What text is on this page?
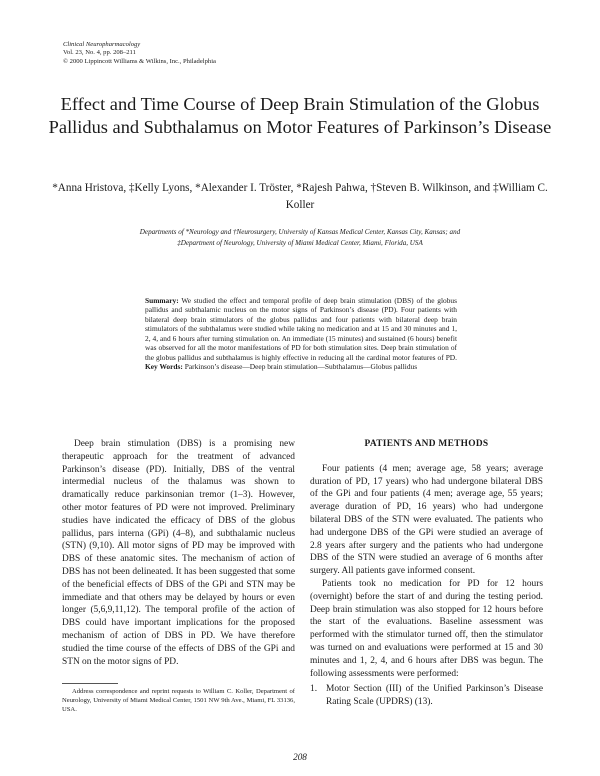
Clinical Neuropharmacology
Vol. 23, No. 4, pp. 208–211
© 2000 Lippincott Williams & Wilkins, Inc., Philadelphia
Effect and Time Course of Deep Brain Stimulation of the Globus Pallidus and Subthalamus on Motor Features of Parkinson’s Disease
*Anna Hristova, ‡Kelly Lyons, *Alexander I. Tröster, *Rajesh Pahwa, †Steven B. Wilkinson, and ‡William C. Koller
Departments of *Neurology and †Neurosurgery, University of Kansas Medical Center, Kansas City, Kansas; and
‡Department of Neurology, University of Miami Medical Center, Miami, Florida, USA
Summary: We studied the effect and temporal profile of deep brain stimulation (DBS) of the globus pallidus and subthalamic nucleus on the motor signs of Parkinson’s disease (PD). Four patients with bilateral deep brain stimulators of the globus pallidus and four patients with bilateral deep brain stimulators of the subthalamus were studied while taking no medication and at 15 and 30 minutes and 1, 2, 4, and 6 hours after turning stimulation on. An immediate (15 minutes) and sustained (6 hours) benefit was observed for all the motor manifestations of PD for both stimulation sites. Deep brain stimulation of the globus pallidus and subthalamus is highly effective in reducing all the cardinal motor features of PD. Key Words: Parkinson’s disease—Deep brain stimulation—Subthalamus—Globus pallidus

Deep brain stimulation (DBS) is a promising new therapeutic approach for the treatment of advanced Parkinson’s disease (PD). Initially, DBS of the ventral intermedial nucleus of the thalamus was shown to dramatically reduce parkinsonian tremor (1–3). However, other motor features of PD were not improved. Preliminary studies have indicated the efficacy of DBS of the globus pallidus, pars interna (GPi) (4–8), and subthalamic nucleus (STN) (9,10). All motor signs of PD may be improved with DBS of these anatomic sites. The mechanism of action of DBS has not been delineated. It has been suggested that some of the beneficial effects of DBS of the GPi and STN may be immediate and that others may be delayed by hours or even longer (5,6,9,11,12). The temporal profile of the action of DBS could have important implications for the proposed mechanism of action of DBS in PD. We have therefore studied the time course of the effects of DBS of the GPi and STN on the motor signs of PD.

Address correspondence and reprint requests to William C. Koller, Department of Neurology, University of Miami Medical Center, 1501 NW 9th Ave., Miami, FL 33136, USA.
PATIENTS AND METHODS

Four patients (4 men; average age, 58 years; average duration of PD, 17 years) who had undergone bilateral DBS of the GPi and four patients (4 men; average age, 55 years; average duration of PD, 16 years) who had undergone bilateral DBS of the STN were evaluated. The patients who had undergone DBS of the GPi were studied an average of 2.8 years after surgery and the patients who had undergone DBS of the STN were studied an average of 6 months after surgery. All patients gave informed consent.

Patients took no medication for PD for 12 hours (overnight) before the start of and during the testing period. Deep brain stimulation was also stopped for 12 hours before the start of the evaluations. Baseline assessment was performed with the stimulator turned off, then the stimulator was turned on and evaluations were performed at 15 and 30 minutes and 1, 2, 4, and 6 hours after DBS was begun. The following assessments were performed:

1. Motor Section (III) of the Unified Parkinson’s Disease Rating Scale (UPDRS) (13).
208
